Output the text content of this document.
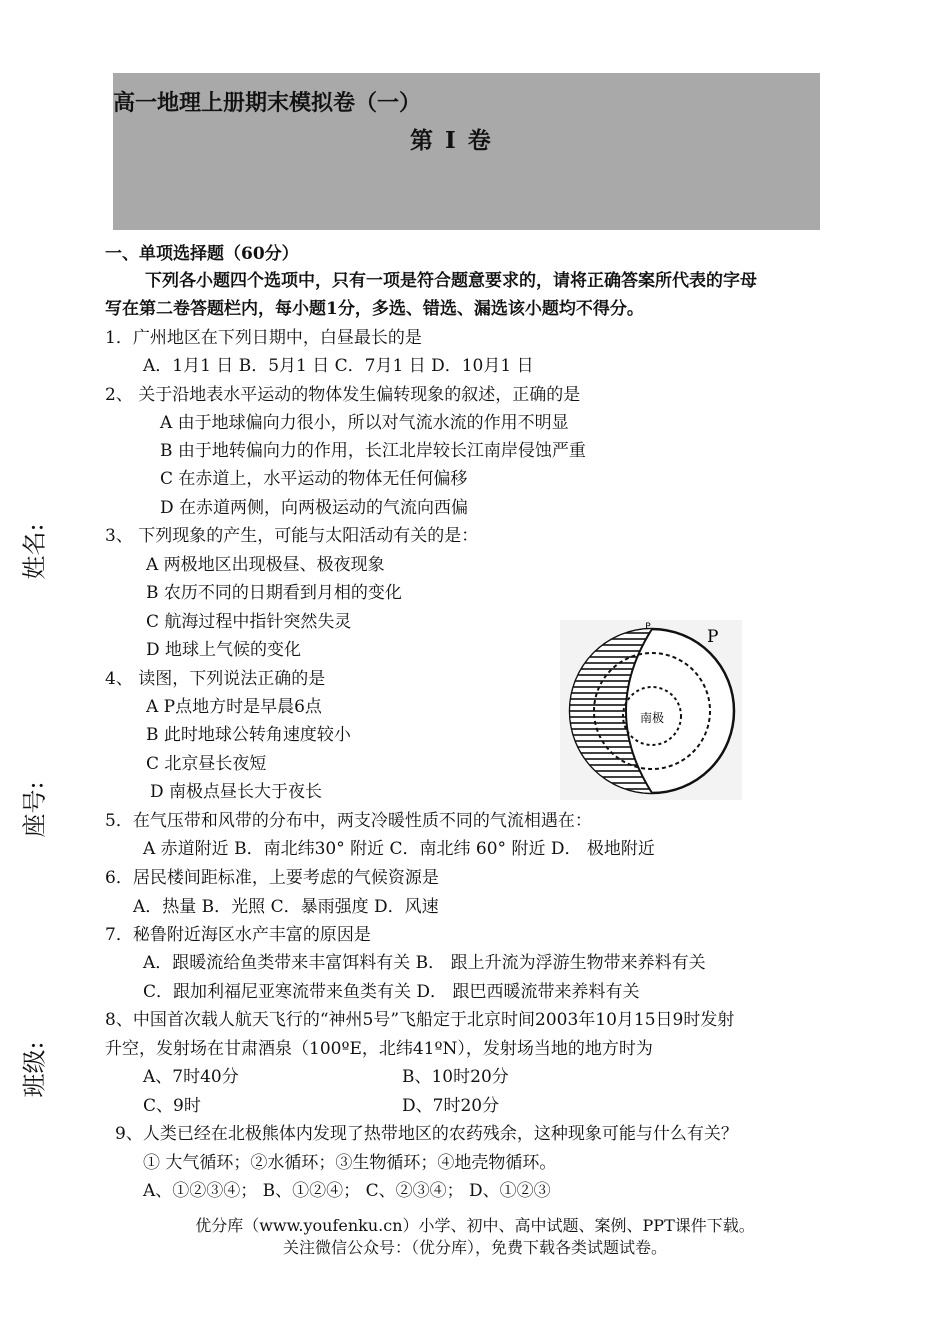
高一地理上册期末模拟卷（一）
第 I 卷
姓名:
座号:
班级:
一、单项选择题（60分）
下列各小题四个选项中，只有一项是符合题意要求的，请将正确答案所代表的字母
写在第二卷答题栏内，每小题1分，多选、错选、漏选该小题均不得分。
1．广州地区在下列日期中，白昼最长的是
A．1月1 日 B．5月1 日 C．7月1 日 D．10月1 日
2、 关于沿地表水平运动的物体发生偏转现象的叙述，正确的是
A 由于地球偏向力很小，所以对气流水流的作用不明显
B 由于地转偏向力的作用，长江北岸较长江南岸侵蚀严重
C 在赤道上，水平运动的物体无任何偏移
D 在赤道两侧，向两极运动的气流向西偏
3、 下列现象的产生，可能与太阳活动有关的是：
A 两极地区出现极昼、极夜现象
B 农历不同的日期看到月相的变化
C 航海过程中指针突然失灵
D 地球上气候的变化
4、 读图，下列说法正确的是
A P点地方时是早晨6点
B 此时地球公转角速度较小
C 北京昼长夜短
D 南极点昼长大于夜长
南极
P	P
5．在气压带和风带的分布中，两支冷暖性质不同的气流相遇在：
A 赤道附近 B．南北纬30° 附近 C．南北纬 60° 附近 D． 极地附近
6．居民楼间距标准，上要考虑的气候资源是
A．热量 B．光照 C．暴雨强度 D．风速
7．秘鲁附近海区水产丰富的原因是
A．跟暖流给鱼类带来丰富饵料有关 B． 跟上升流为浮游生物带来养料有关
C．跟加利福尼亚寒流带来鱼类有关 D． 跟巴西暖流带来养料有关
8、中国首次载人航天飞行的“神州5号”飞船定于北京时间2003年10月15日9时发射
升空，发射场在甘肃酒泉（100ºE，北纬41ºN），发射场当地的地方时为
A、7时40分	B、10时20分
C、9时	D、7时20分
9、人类已经在北极熊体内发现了热带地区的农药残余，这种现象可能与什么有关？
① 大气循环；②水循环；③生物循环；④地壳物循环。
A、①②③④； B、①②④； C、②③④； D、①②③
优分库（www.youfenku.cn）小学、初中、高中试题、案例、PPT课件下载。
关注微信公众号：（优分库），免费下载各类试题试卷。
